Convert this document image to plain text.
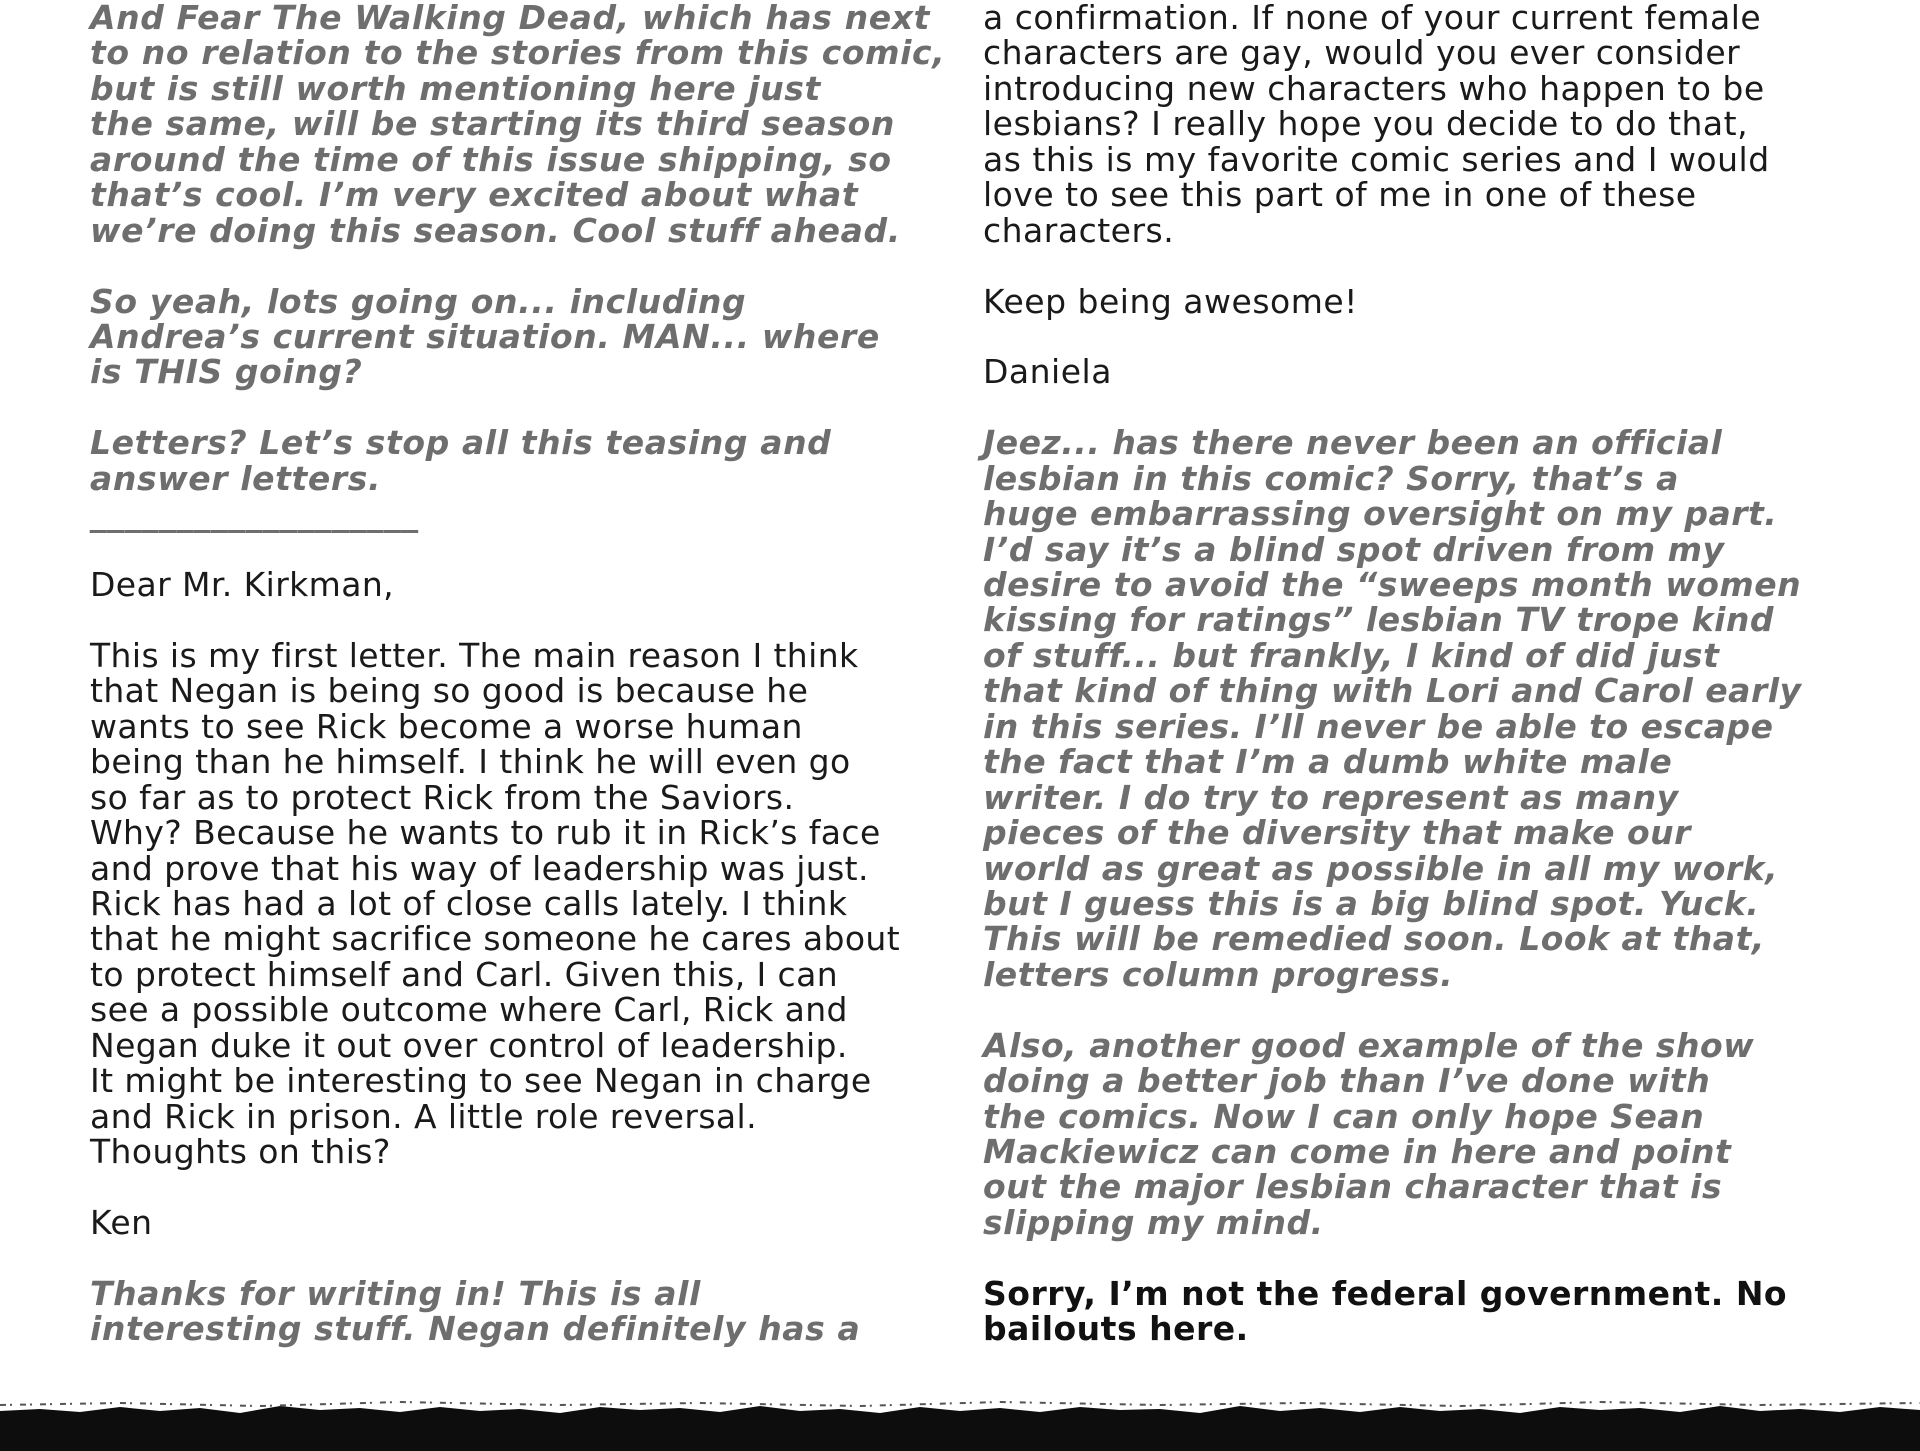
And Fear The Walking Dead, which has next
to no relation to the stories from this comic,
but is still worth mentioning here just
the same, will be starting its third season
around the time of this issue shipping, so
that’s cool. I’m very excited about what
we’re doing this season. Cool stuff ahead.
So yeah, lots going on... including
Andrea’s current situation. MAN... where
is THIS going?
Letters? Let’s stop all this teasing and
answer letters.
___________________
Dear Mr. Kirkman,
This is my first letter. The main reason I think
that Negan is being so good is because he
wants to see Rick become a worse human
being than he himself. I think he will even go
so far as to protect Rick from the Saviors.
Why? Because he wants to rub it in Rick’s face
and prove that his way of leadership was just.
Rick has had a lot of close calls lately. I think
that he might sacrifice someone he cares about
to protect himself and Carl. Given this, I can
see a possible outcome where Carl, Rick and
Negan duke it out over control of leadership.
It might be interesting to see Negan in charge
and Rick in prison. A little role reversal.
Thoughts on this?
Ken
Thanks for writing in! This is all
interesting stuff. Negan definitely has a
a confirmation. If none of your current female
characters are gay, would you ever consider
introducing new characters who happen to be
lesbians? I really hope you decide to do that,
as this is my favorite comic series and I would
love to see this part of me in one of these
characters.
Keep being awesome!
Daniela
Jeez... has there never been an official
lesbian in this comic? Sorry, that’s a
huge embarrassing oversight on my part.
I’d say it’s a blind spot driven from my
desire to avoid the “sweeps month women
kissing for ratings” lesbian TV trope kind
of stuff... but frankly, I kind of did just
that kind of thing with Lori and Carol early
in this series. I’ll never be able to escape
the fact that I’m a dumb white male
writer. I do try to represent as many
pieces of the diversity that make our
world as great as possible in all my work,
but I guess this is a big blind spot. Yuck.
This will be remedied soon. Look at that,
letters column progress.
Also, another good example of the show
doing a better job than I’ve done with
the comics. Now I can only hope Sean
Mackiewicz can come in here and point
out the major lesbian character that is
slipping my mind.
Sorry, I’m not the federal government. No
bailouts here.
